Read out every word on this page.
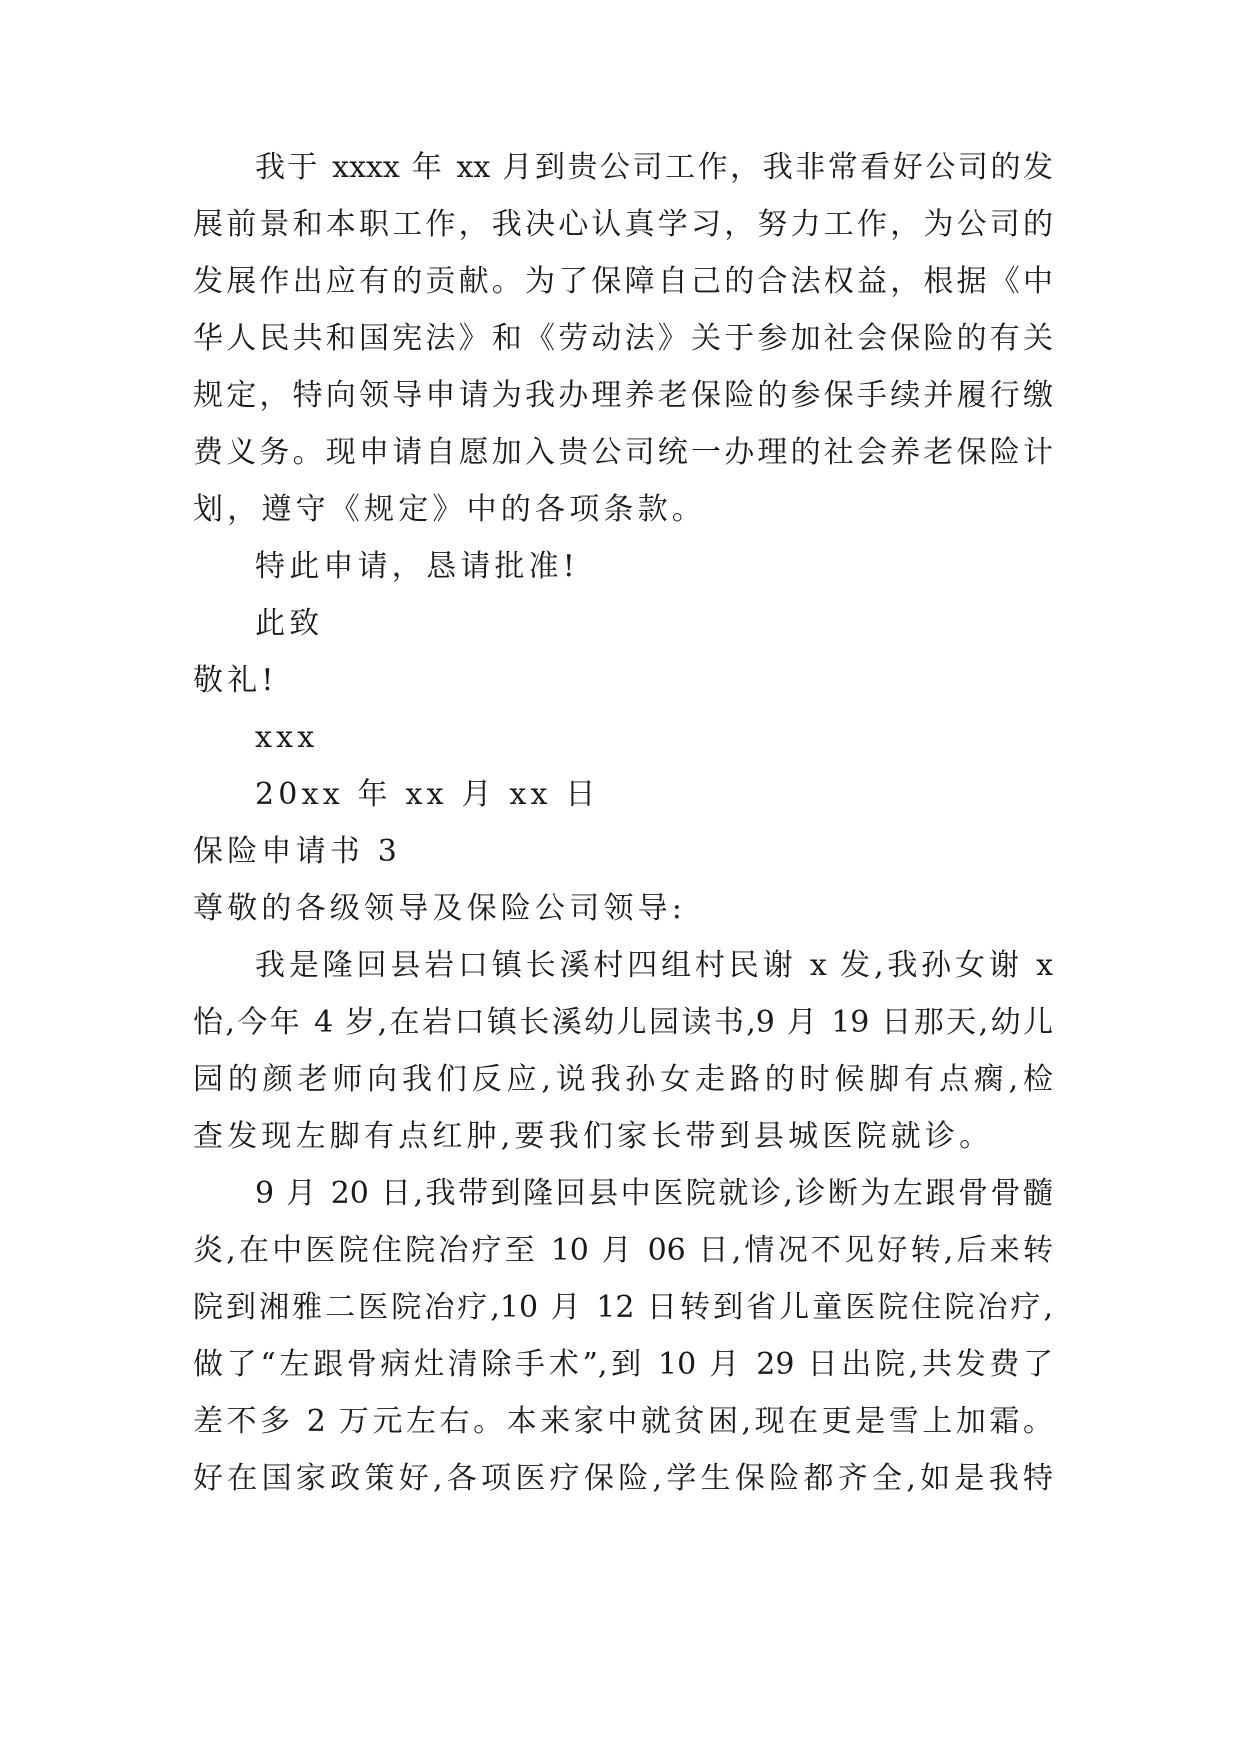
我于 xxxx 年 xx 月到贵公司工作，我非常看好公司的发
展前景和本职工作，我决心认真学习，努力工作，为公司的
发展作出应有的贡献。为了保障自己的合法权益，根据《中
华人民共和国宪法》和《劳动法》关于参加社会保险的有关
规定，特向领导申请为我办理养老保险的参保手续并履行缴
费义务。现申请自愿加入贵公司统一办理的社会养老保险计
划，遵守《规定》中的各项条款。
特此申请，恳请批准!
此致
敬礼!
xxx
20xx 年 xx 月 xx 日
保险申请书 3
尊敬的各级领导及保险公司领导:
我是隆回县岩口镇长溪村四组村民谢 x 发,我孙女谢 x
怡,今年 4 岁,在岩口镇长溪幼儿园读书,9 月 19 日那天,幼儿
园的颜老师向我们反应,说我孙女走路的时候脚有点瘸,检
查发现左脚有点红肿,要我们家长带到县城医院就诊。
9 月 20 日,我带到隆回县中医院就诊,诊断为左跟骨骨髓
炎,在中医院住院冶疗至 10 月 06 日,情况不见好转,后来转
院到湘雅二医院冶疗,10 月 12 日转到省儿童医院住院冶疗,
做了“左跟骨病灶清除手术”,到 10 月 29 日出院,共发费了
差不多 2 万元左右。本来家中就贫困,现在更是雪上加霜。
好在国家政策好,各项医疗保险,学生保险都齐全,如是我特
